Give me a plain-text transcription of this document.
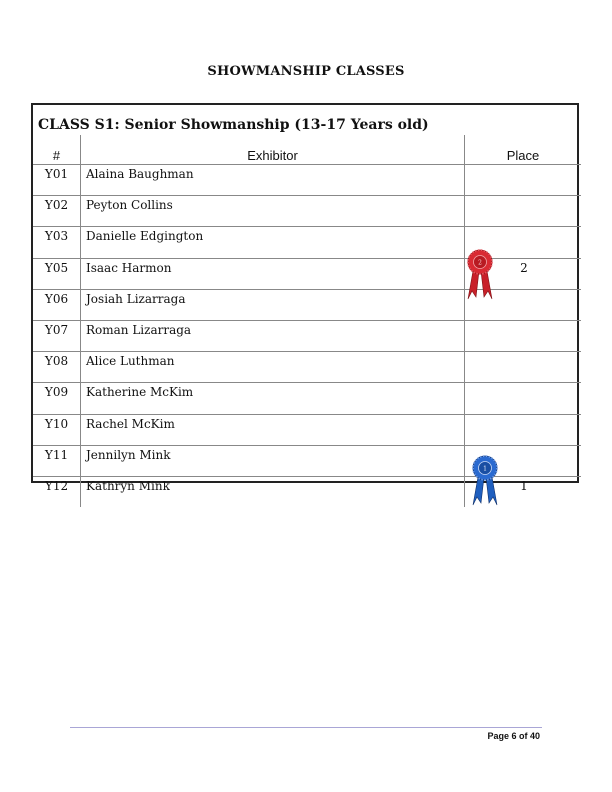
SHOWMANSHIP CLASSES
CLASS S1: Senior Showmanship (13-17 Years old)
#	Exhibitor	Place
Y01	Alaina Baughman	
Y02	Peyton Collins	
Y03	Danielle Edgington	
Y05	Isaac Harmon	2
Y06	Josiah Lizarraga	
Y07	Roman Lizarraga	
Y08	Alice Luthman	
Y09	Katherine McKim	
Y10	Rachel McKim	
Y11	Jennilyn Mink	
Y12	Kathryn Mink	1
2
1
Page 6 of 40
